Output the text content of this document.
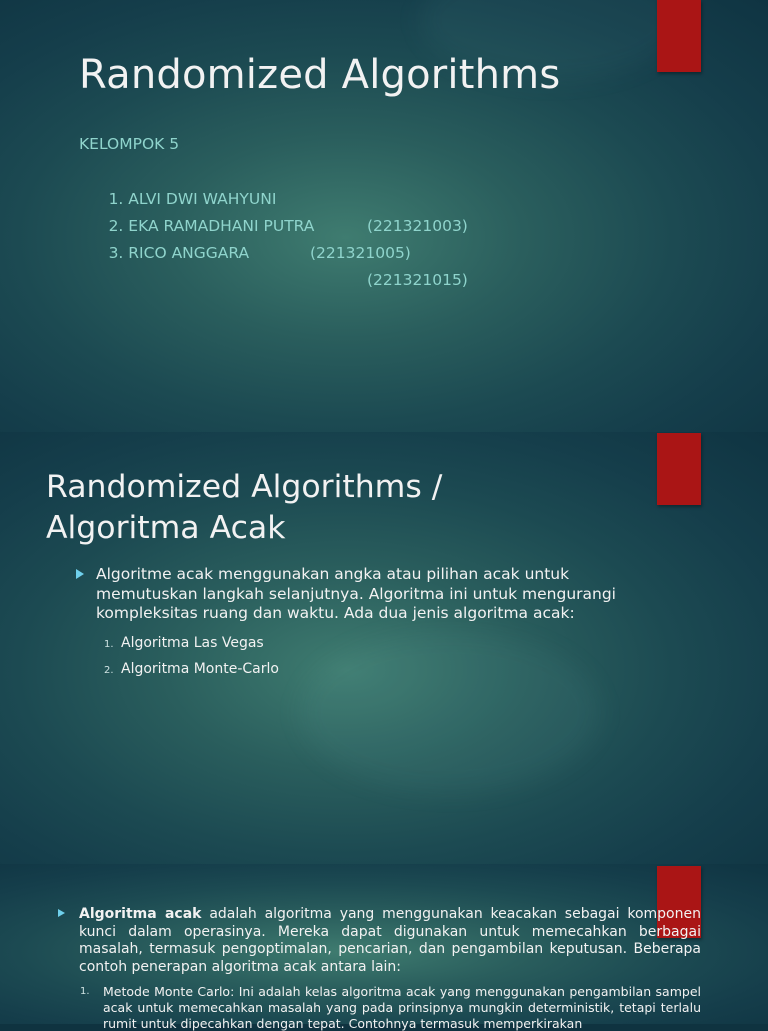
Randomized Algorithms
KELOMPOK 5

1. ALVI DWI WAHYUNI

(221321003)

2. EKA RAMADHANI PUTRA

(221321005)

3. RICO ANGGARA

(221321015)

Randomized Algorithms /
Algoritma Acak
Algoritme acak menggunakan angka atau pilihan acak untuk memutuskan langkah selanjutnya. Algoritma ini untuk mengurangi kompleksitas ruang dan waktu. Ada dua jenis algoritma acak:
1. Algoritma Las Vegas
2. Algoritma Monte-Carlo

Algoritma acak adalah algoritma yang menggunakan keacakan sebagai komponen kunci dalam operasinya. Mereka dapat digunakan untuk memecahkan berbagai masalah, termasuk pengoptimalan, pencarian, dan pengambilan keputusan. Beberapa contoh penerapan algoritma acak antara lain:

1. Metode Monte Carlo: Ini adalah kelas algoritma acak yang menggunakan pengambilan sampel acak untuk memecahkan masalah yang pada prinsipnya mungkin deterministik, tetapi terlalu rumit untuk dipecahkan dengan tepat. Contohnya termasuk memperkirakan
